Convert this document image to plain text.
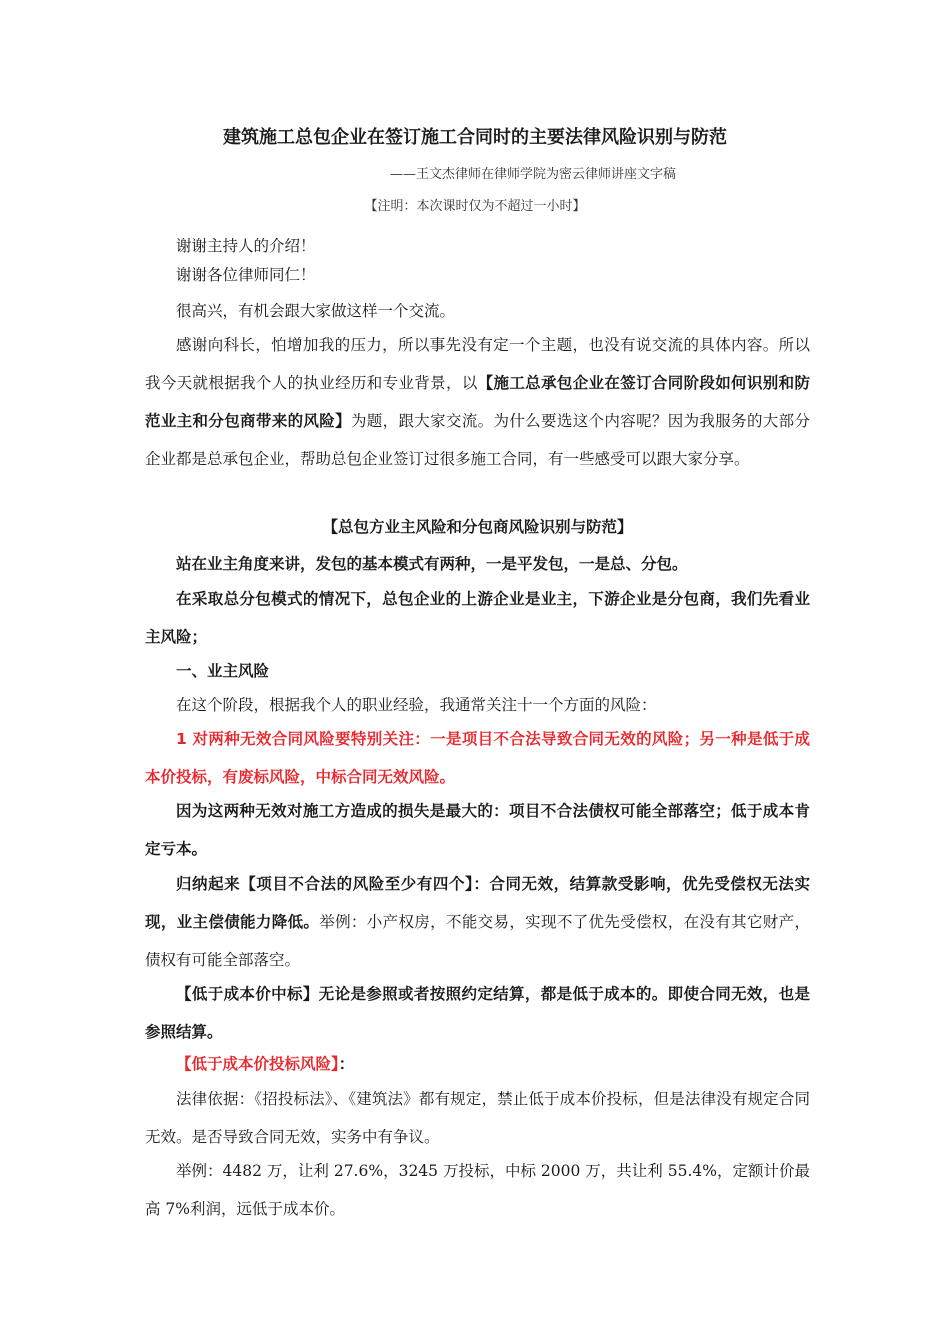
建筑施工总包企业在签订施工合同时的主要法律风险识别与防范

——王文杰律师在律师学院为密云律师讲座文字稿

【注明：本次课时仅为不超过一小时】

谢谢主持人的介绍！

谢谢各位律师同仁！

很高兴，有机会跟大家做这样一个交流。

感谢向科长，怕增加我的压力，所以事先没有定一个主题，也没有说交流的具体内容。所以我今天就根据我个人的执业经历和专业背景，以【施工总承包企业在签订合同阶段如何识别和防范业主和分包商带来的风险】为题，跟大家交流。为什么要选这个内容呢？因为我服务的大部分企业都是总承包企业，帮助总包企业签订过很多施工合同，有一些感受可以跟大家分享。

【总包方业主风险和分包商风险识别与防范】

站在业主角度来讲，发包的基本模式有两种，一是平发包，一是总、分包。

在采取总分包模式的情况下，总包企业的上游企业是业主，下游企业是分包商，我们先看业主风险；

一、业主风险

在这个阶段，根据我个人的职业经验，我通常关注十一个方面的风险：

1 对两种无效合同风险要特别关注：一是项目不合法导致合同无效的风险；另一种是低于成本价投标，有废标风险，中标合同无效风险。

因为这两种无效对施工方造成的损失是最大的：项目不合法债权可能全部落空；低于成本肯定亏本。

归纳起来【项目不合法的风险至少有四个】：合同无效，结算款受影响，优先受偿权无法实现，业主偿债能力降低。举例：小产权房，不能交易，实现不了优先受偿权，在没有其它财产，债权有可能全部落空。

【低于成本价中标】无论是参照或者按照约定结算，都是低于成本的。即使合同无效，也是参照结算。

【低于成本价投标风险】：

法律依据：《招投标法》、《建筑法》都有规定，禁止低于成本价投标，但是法律没有规定合同无效。是否导致合同无效，实务中有争议。

举例：4482 万，让利 27.6%，3245 万投标，中标 2000 万，共让利 55.4%，定额计价最高 7%利润，远低于成本价。
